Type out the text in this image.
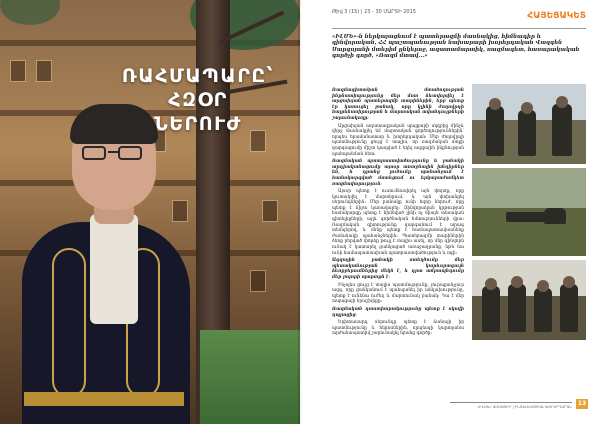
ՌԱՀՄԱՊԱՐԸ՝
ՀԶՕՐ
ՆԵՐՈՒԺ
Թիվ 3 (15) | 23 - 30 ՄԱՐՏԻ 2015	ՀԱՅԵՑԱԿԵՏ
«ԻԼՄԵ»-ն ներկայացնում է պատերազմի մասնակից, հիմնադիր և զինվորական, ՀՀ պաշտպանության նախարարի խորհրդական Վազգեն Սարգսյանի մտերիմ ընկերոջ, ազատամարտիկ, ռազմագետ, հասարակական գործչի գործ, «Ռազմ մտավ...»

Ռազմագիտական մտածողության ինքնատիպությունը մեր մոտ ձևավորվել է արցախյան պատերազմի տարիներին, երբ պետք էր կառուցել բանակ, որը կլինի ժողովրդի հայրենասիրության և մարտական ավանդույթների շարունակողը։

Արցախյան ազատագրական պայքարի սկզբից մինչև վերջ մասնակցել եմ մարտական գործողություններին՝ որպես հրամանատար և խորհրդական։ Մեր ժողովրդի պատմությունը ցույց է տալիս, որ ռազմական մտքի զարգացումը միշտ կապված է եղել ազգային ինքնության պահպանման հետ։

Ռազմական պատրաստվածությունը և բանակի արդիականացումը այսօր առաջնային խնդիրներ են, և դրանց լուծումը պահանջում է համակարգված մոտեցում ու երկարաժամկետ ռազմավարություն։

Այսօր պետք է ուսումնասիրել այն փորձը, որը կուտակվել է մարտերում, և այն փոխանցել սերունդներին։ Մեր բանակը ունի հզոր ներուժ, որը պետք է ճիշտ կառավարել։ Զինվորական կրթության համակարգը պետք է հիմնված լինի ոչ միայն տեսական գիտելիքների, այլև գործնական հմտությունների վրա։ Ռազմական գիտությունը զարգանում է արագ տեմպերով, և մենք պետք է համապատասխանենք ժամանակի պահանջներին։ Պատերազմի տարիներին ձեռք բերված փորձը թույլ է տալիս ասել, որ մեր զինվորն ունակ է կատարել ցանկացած առաջադրանք, եթե նա ունի համապատասխան պատրաստվածություն և ոգի։

Ազգային բանակի ստեղծումը մեր պետականության կարևորագույն ձեռքբերումներից մեկն է, և դրա ամրապնդումը մեր բոլորի պարտքն է։

Ինչպես ցույց է տալիս պատմությունը, յուրաքանչյուր ազգ, որը ցանկանում է պահպանել իր անկախությունը, պետք է ունենա ուժեղ և մարտունակ բանակ։ Դա է մեր ապագայի երաշխիքը։

Ռազմական դաստիարակությունը պետք է սկսվի դպրոցից։

Երիտասարդ սերունդը պետք է ճանաչի իր պատմությունը և հերոսներին, որպեսզի կարողանա արժանապատիվ շարունակել նրանց գործը։

«ԻԼՄԵ» ԱՄՍԱԳԻՐ | ԻՆՏԵԼԵԿՏՈՒԱԼ ԽՈՐՀՐԴԱՐԱՆ 13
